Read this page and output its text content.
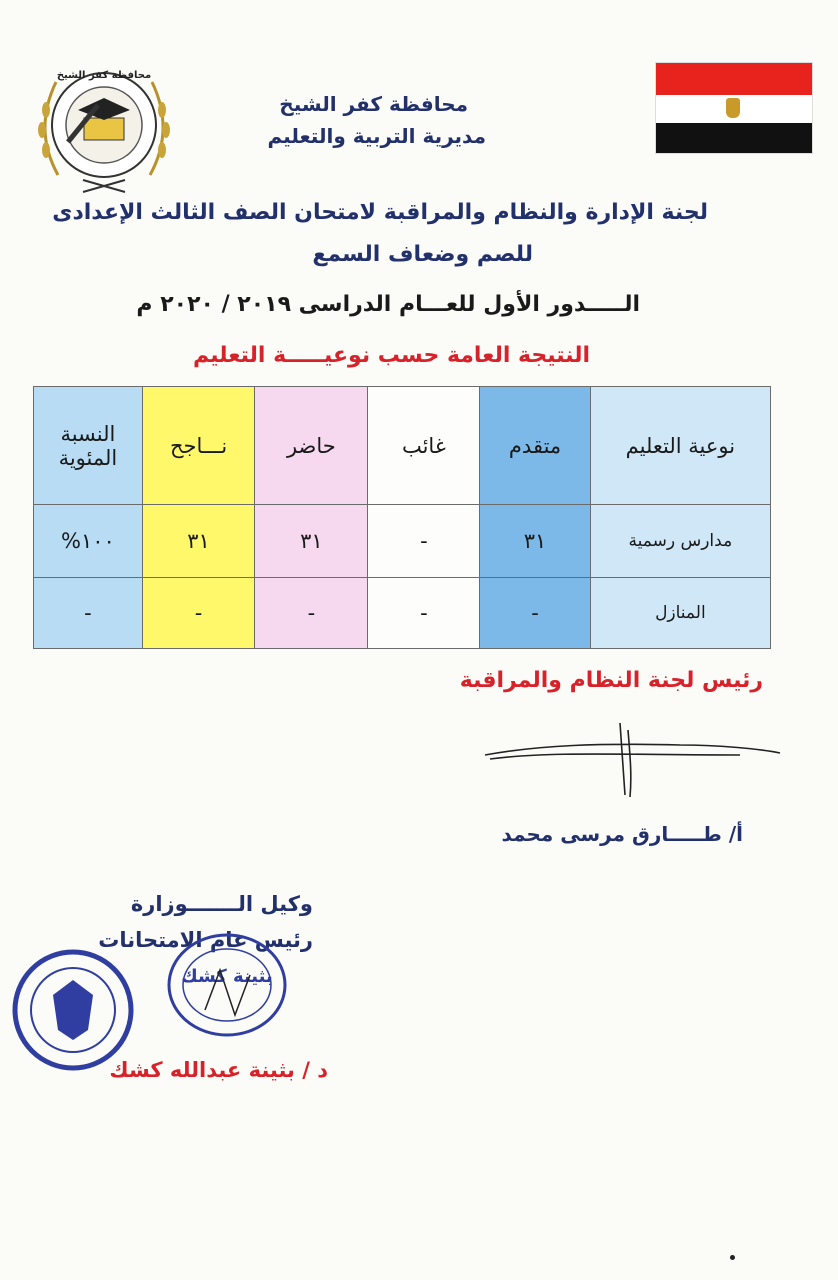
محافظة كفر الشيخ
محافظة كفر الشيخ
مديرية التربية والتعليم
لجنة الإدارة والنظام والمراقبة لامتحان الصف الثالث الإعدادى
للصم وضعاف السمع
الـــــدور الأول للعـــام الدراسى ٢٠١٩ / ٢٠٢٠ م
النتيجة العامة حسب نوعيـــــة التعليم
نوعية التعليم	متقدم	غائب	حاضر	نـــاجح	النسبة المئوية
مدارس رسمية	٣١	-	٣١	٣١	١٠٠%
المنازل	-	-	-	-	-
رئيس لجنة النظام والمراقبة
أ/ طـــــارق مرسى محمد
وكيل الـــــــوزارة
رئيس عام الامتحانات
بثينة كشك
د / بثينة عبدالله كشك
